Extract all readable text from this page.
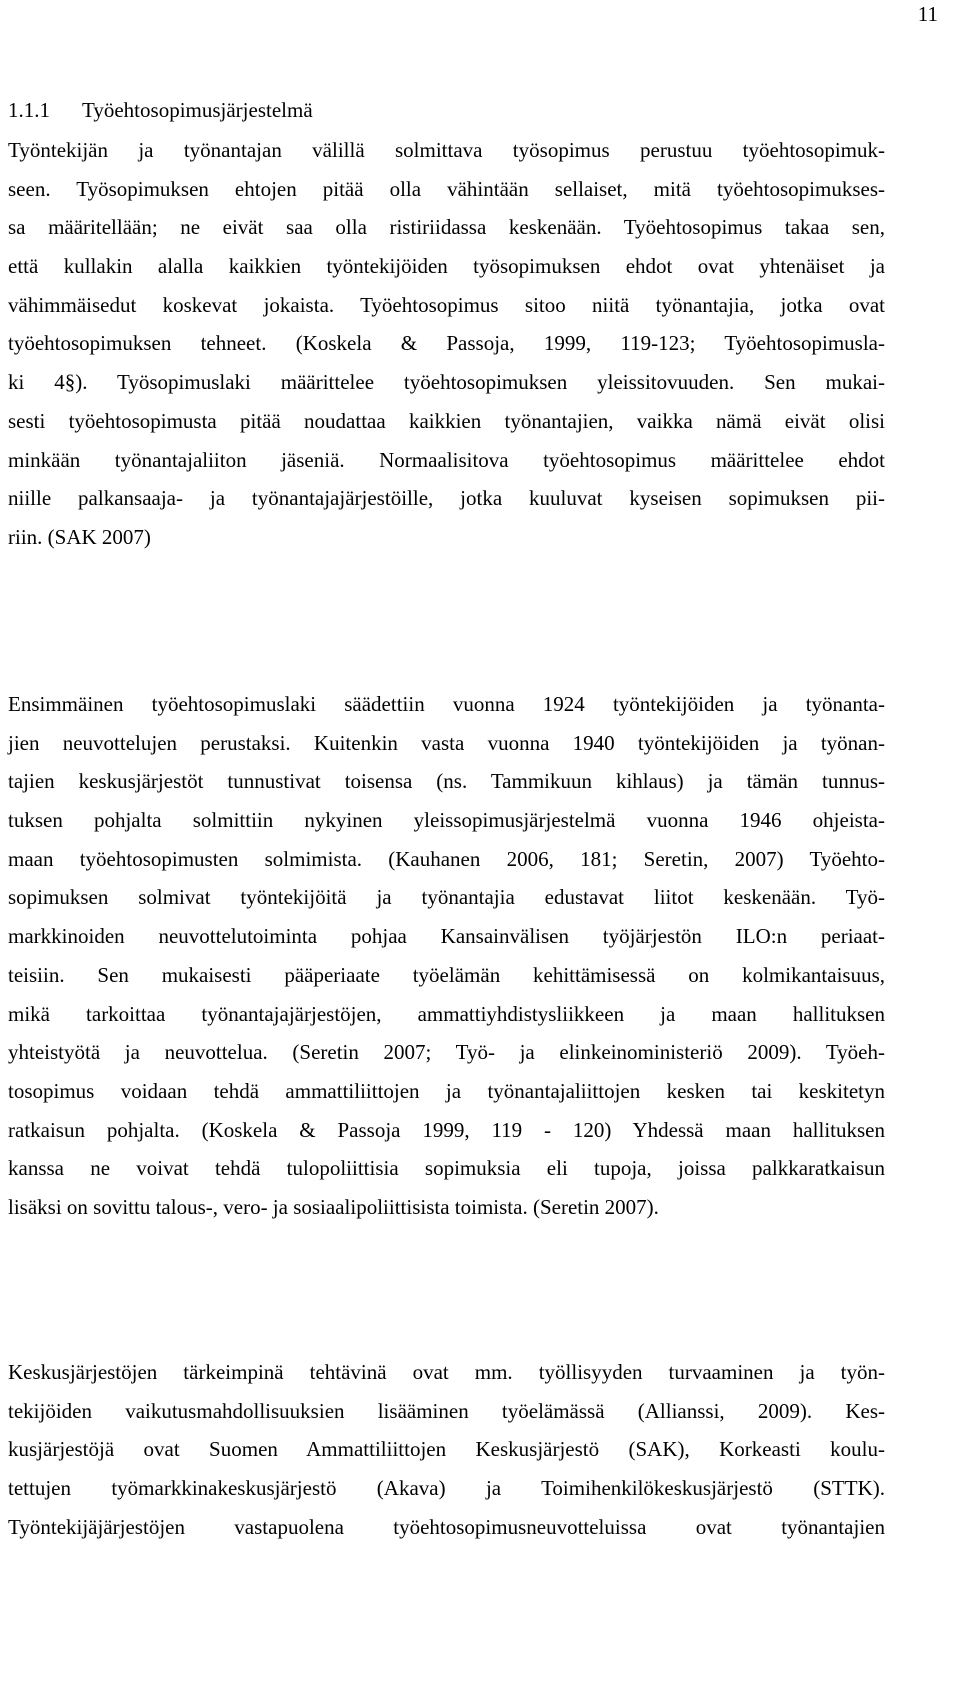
11
1.1.1 Työehtosopimusjärjestelmä
Työntekijän ja työnantajan välillä solmittava työsopimus perustuu työehtosopimuk-
seen. Työsopimuksen ehtojen pitää olla vähintään sellaiset, mitä työehtosopimukses-
sa määritellään; ne eivät saa olla ristiriidassa keskenään. Työehtosopimus takaa sen,
että kullakin alalla kaikkien työntekijöiden työsopimuksen ehdot ovat yhtenäiset ja
vähimmäisedut koskevat jokaista. Työehtosopimus sitoo niitä työnantajia, jotka ovat
työehtosopimuksen tehneet. (Koskela & Passoja, 1999, 119-123; Työehtosopimusla-
ki 4§). Työsopimuslaki määrittelee työehtosopimuksen yleissitovuuden. Sen mukai-
sesti työehtosopimusta pitää noudattaa kaikkien työnantajien, vaikka nämä eivät olisi
minkään työnantajaliiton jäseniä. Normaalisitova työehtosopimus määrittelee ehdot
niille palkansaaja- ja työnantajajärjestöille, jotka kuuluvat kyseisen sopimuksen pii-
riin. (SAK 2007)
Ensimmäinen työehtosopimuslaki säädettiin vuonna 1924 työntekijöiden ja työnanta-
jien neuvottelujen perustaksi. Kuitenkin vasta vuonna 1940 työntekijöiden ja työnan-
tajien keskusjärjestöt tunnustivat toisensa (ns. Tammikuun kihlaus) ja tämän tunnus-
tuksen pohjalta solmittiin nykyinen yleissopimusjärjestelmä vuonna 1946 ohjeista-
maan työehtosopimusten solmimista. (Kauhanen 2006, 181; Seretin, 2007) Työehto-
sopimuksen solmivat työntekijöitä ja työnantajia edustavat liitot keskenään. Työ-
markkinoiden neuvottelutoiminta pohjaa Kansainvälisen työjärjestön ILO:n periaat-
teisiin. Sen mukaisesti pääperiaate työelämän kehittämisessä on kolmikantaisuus,
mikä tarkoittaa työnantajajärjestöjen, ammattiyhdistysliikkeen ja maan hallituksen
yhteistyötä ja neuvottelua. (Seretin 2007; Työ- ja elinkeinoministeriö 2009). Työeh-
tosopimus voidaan tehdä ammattiliittojen ja työnantajaliittojen kesken tai keskitetyn
ratkaisun pohjalta. (Koskela & Passoja 1999, 119 - 120) Yhdessä maan hallituksen
kanssa ne voivat tehdä tulopoliittisia sopimuksia eli tupoja, joissa palkkaratkaisun
lisäksi on sovittu talous-, vero- ja sosiaalipoliittisista toimista. (Seretin 2007).
Keskusjärjestöjen tärkeimpinä tehtävinä ovat mm. työllisyyden turvaaminen ja työn-
tekijöiden vaikutusmahdollisuuksien lisääminen työelämässä (Allianssi, 2009). Kes-
kusjärjestöjä ovat Suomen Ammattiliittojen Keskusjärjestö (SAK), Korkeasti koulu-
tettujen työmarkkinakeskusjärjestö (Akava) ja Toimihenkilökeskusjärjestö (STTK).
Työntekijäjärjestöjen vastapuolena työehtosopimusneuvotteluissa ovat työnantajien
